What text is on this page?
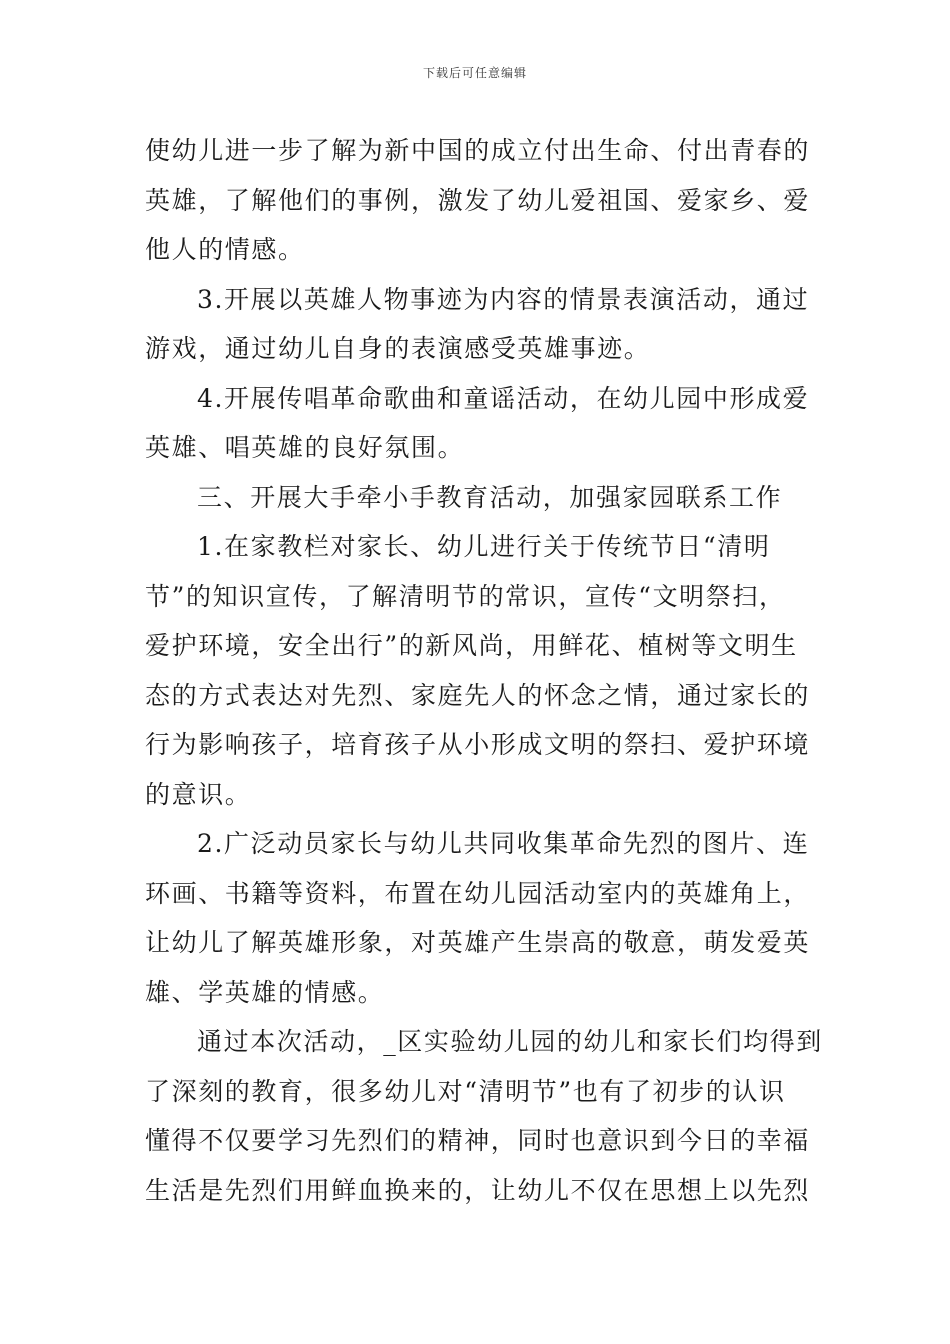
下载后可任意编辑
使幼儿进一步了解为新中国的成立付出生命、付出青春的
英雄，了解他们的事例，激发了幼儿爱祖国、爱家乡、爱
他人的情感。
3.开展以英雄人物事迹为内容的情景表演活动，通过
游戏，通过幼儿自身的表演感受英雄事迹。
4.开展传唱革命歌曲和童谣活动，在幼儿园中形成爱
英雄、唱英雄的良好氛围。
三、开展大手牵小手教育活动，加强家园联系工作
1.在家教栏对家长、幼儿进行关于传统节日“清明
节”的知识宣传，了解清明节的常识，宣传“文明祭扫，
爱护环境，安全出行”的新风尚，用鲜花、植树等文明生
态的方式表达对先烈、家庭先人的怀念之情，通过家长的
行为影响孩子，培育孩子从小形成文明的祭扫、爱护环境
的意识。
2.广泛动员家长与幼儿共同收集革命先烈的图片、连
环画、书籍等资料，布置在幼儿园活动室内的英雄角上，
让幼儿了解英雄形象，对英雄产生崇高的敬意，萌发爱英
雄、学英雄的情感。
通过本次活动，_区实验幼儿园的幼儿和家长们均得到
了深刻的教育，很多幼儿对“清明节”也有了初步的认识
懂得不仅要学习先烈们的精神，同时也意识到今日的幸福
生活是先烈们用鲜血换来的，让幼儿不仅在思想上以先烈
